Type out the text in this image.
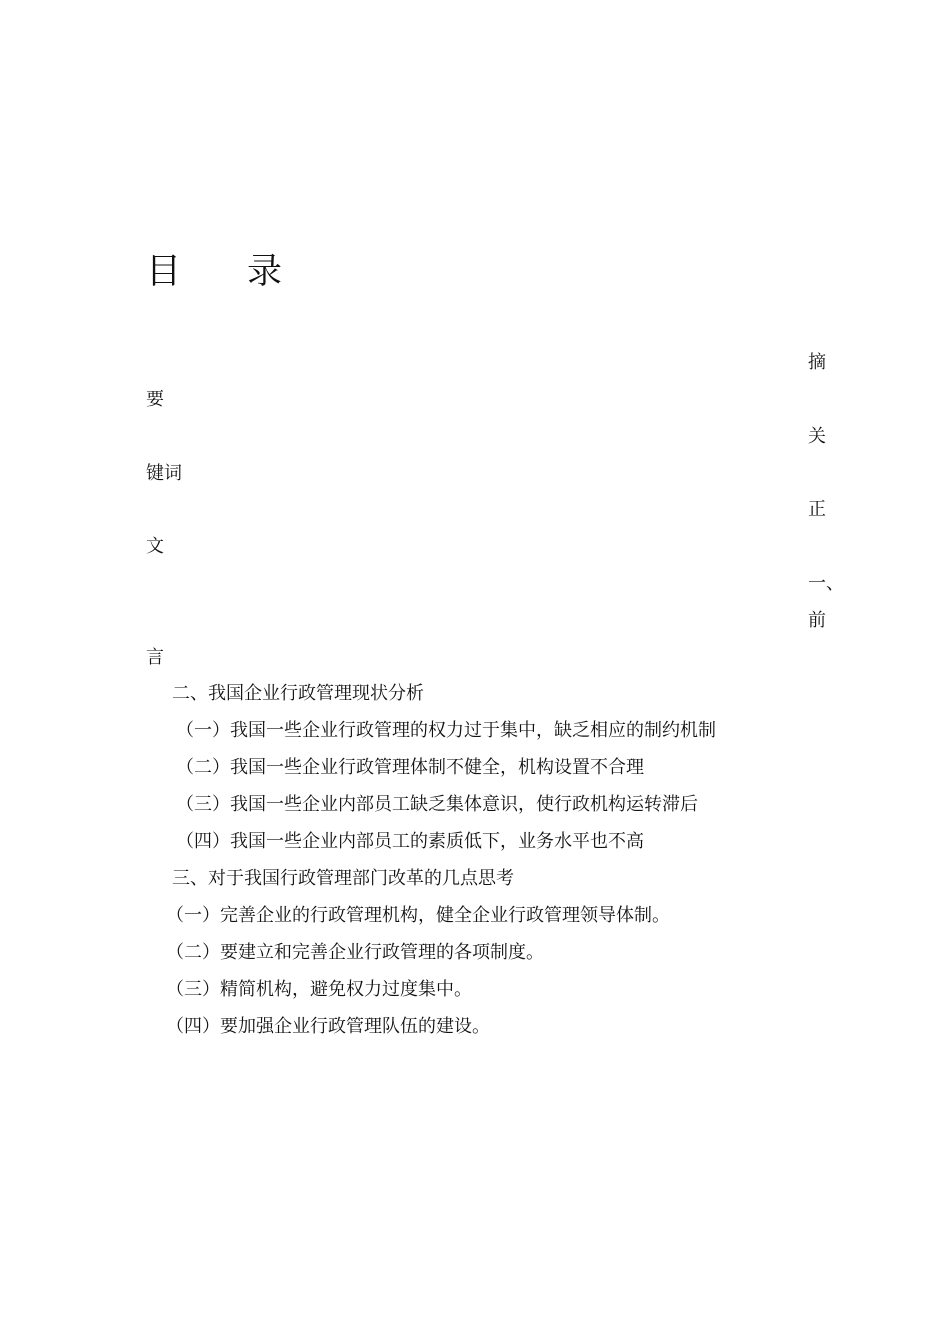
目 录
摘
要
关
键词
正
文
一、
前
言
二、我国企业行政管理现状分析
（一）我国一些企业行政管理的权力过于集中，缺乏相应的制约机制
（二）我国一些企业行政管理体制不健全，机构设置不合理
（三）我国一些企业内部员工缺乏集体意识，使行政机构运转滞后
（四）我国一些企业内部员工的素质低下，业务水平也不高
三、对于我国行政管理部门改革的几点思考
（一）完善企业的行政管理机构，健全企业行政管理领导体制。
（二）要建立和完善企业行政管理的各项制度。
（三）精简机构，避免权力过度集中。
（四）要加强企业行政管理队伍的建设。
